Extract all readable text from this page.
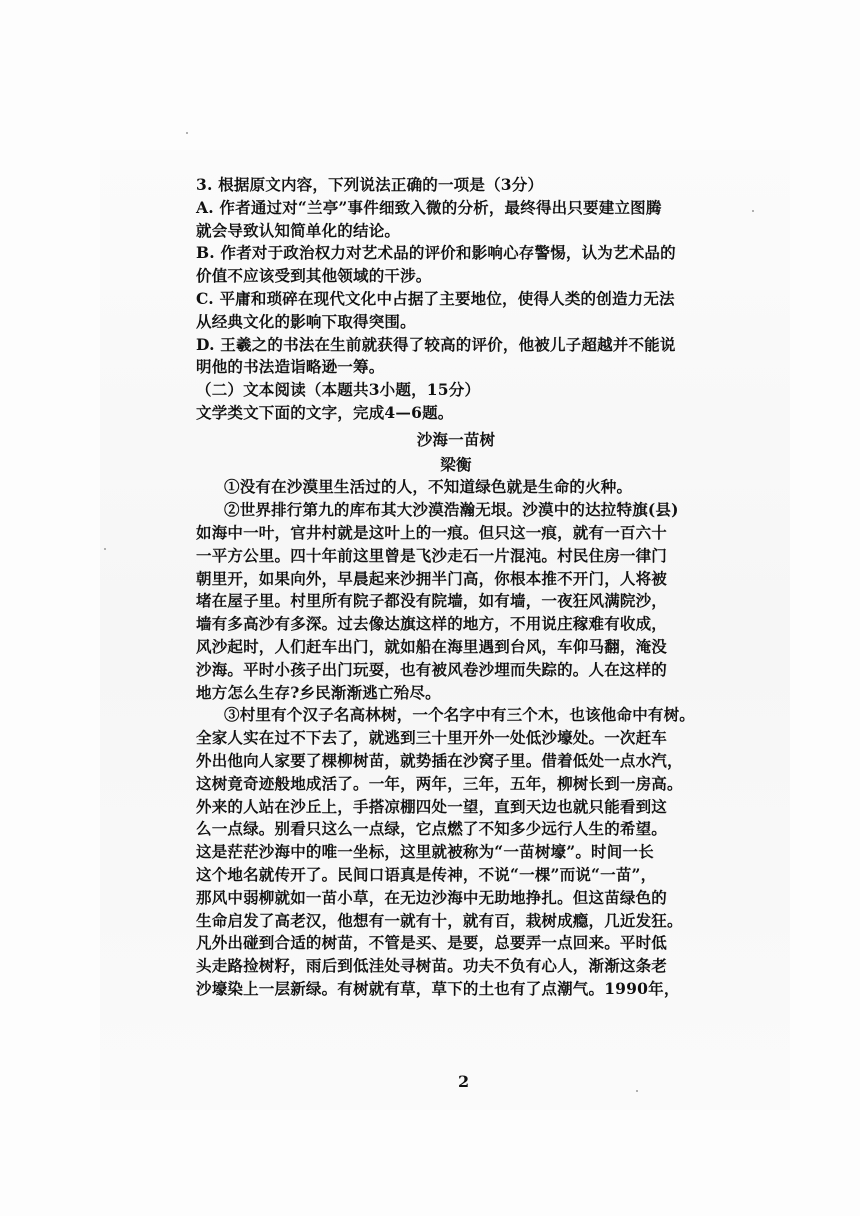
3. 根据原文内容，下列说法正确的一项是（3分）
A. 作者通过对“兰亭”事件细致入微的分析，最终得出只要建立图腾
就会导致认知简单化的结论。
B. 作者对于政治权力对艺术品的评价和影响心存警惕，认为艺术品的
价值不应该受到其他领域的干涉。
C. 平庸和琐碎在现代文化中占据了主要地位，使得人类的创造力无法
从经典文化的影响下取得突围。
D. 王羲之的书法在生前就获得了较高的评价，他被儿子超越并不能说
明他的书法造诣略逊一筹。
（二）文本阅读（本题共3小题，15分）
文学类文下面的文字，完成4—6题。
沙海一苗树
梁衡
①没有在沙漠里生活过的人，不知道绿色就是生命的火种。
②世界排行第九的库布其大沙漠浩瀚无垠。沙漠中的达拉特旗(县)
如海中一叶，官井村就是这叶上的一痕。但只这一痕，就有一百六十
一平方公里。四十年前这里曾是飞沙走石一片混沌。村民住房一律门
朝里开，如果向外，早晨起来沙拥半门高，你根本推不开门，人将被
堵在屋子里。村里所有院子都没有院墙，如有墙，一夜狂风满院沙，
墙有多高沙有多深。过去像达旗这样的地方，不用说庄稼难有收成，
风沙起时，人们赶车出门，就如船在海里遇到台风，车仰马翻，淹没
沙海。平时小孩子出门玩耍，也有被风卷沙埋而失踪的。人在这样的
地方怎么生存?乡民渐渐逃亡殆尽。
③村里有个汉子名高林树，一个名字中有三个木，也该他命中有树。
全家人实在过不下去了，就逃到三十里开外一处低沙壕处。一次赶车
外出他向人家要了棵柳树苗，就势插在沙窝子里。借着低处一点水汽，
这树竟奇迹般地成活了。一年，两年，三年，五年，柳树长到一房高。
外来的人站在沙丘上，手搭凉棚四处一望，直到天边也就只能看到这
么一点绿。别看只这么一点绿，它点燃了不知多少远行人生的希望。
这是茫茫沙海中的唯一坐标，这里就被称为“一苗树壕”。时间一长
这个地名就传开了。民间口语真是传神，不说“一棵”而说“一苗”，
那风中弱柳就如一苗小草，在无边沙海中无助地挣扎。但这苗绿色的
生命启发了高老汉，他想有一就有十，就有百，栽树成瘾，几近发狂。
凡外出碰到合适的树苗，不管是买、是要，总要弄一点回来。平时低
头走路捡树籽，雨后到低洼处寻树苗。功夫不负有心人，渐渐这条老
沙壕染上一层新绿。有树就有草，草下的土也有了点潮气。1990年，
2
